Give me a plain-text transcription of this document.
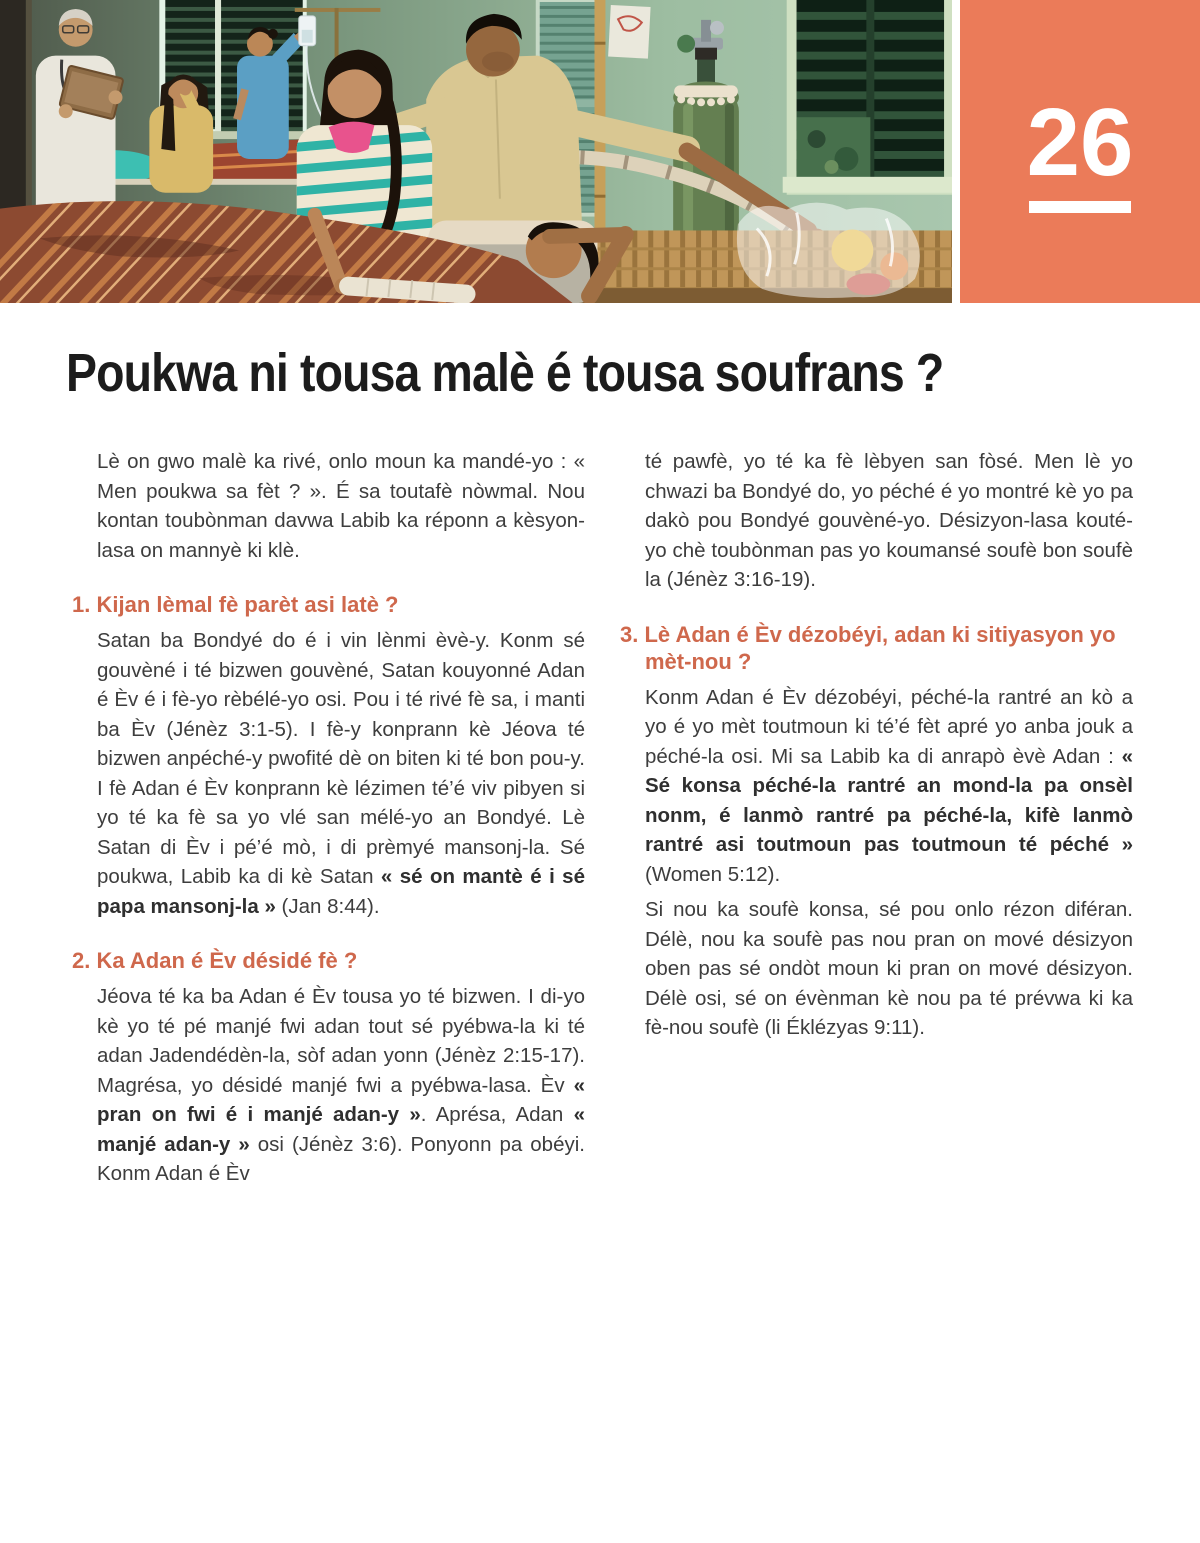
26
Poukwa ni tousa malè é tousa soufrans ?

Lè on gwo malè ka rivé, onlo moun ka mandé-yo : « Men poukwa sa fèt ? ». É sa toutafè nòwmal. Nou kontan toubònman davwa Labib ka réponn a kèsyon-lasa on mannyè ki klè.

1. Kijan lèmal fè parèt asi latè ?

Satan ba Bondyé do é i vin lènmi èvè-y. Konm sé gouvèné i té bizwen gouvèné, Satan kouyonné Adan é Èv é i fè-yo rèbélé-yo osi. Pou i té rivé fè sa, i manti ba Èv (Jénèz 3:1-5). I fè-y konprann kè Jéova té bizwen anpéché-y pwofité dè on biten ki té bon pou-y. I fè Adan é Èv konprann kè lézimen té’é viv pibyen si yo té ka fè sa yo vlé san mélé-yo an Bondyé. Lè Satan di Èv i pé’é mò, i di prèmyé mansonj-la. Sé poukwa, Labib ka di kè Satan « sé on mantè é i sé papa mansonj-la » (Jan 8:44).

2. Ka Adan é Èv désidé fè ?

Jéova té ka ba Adan é Èv tousa yo té bizwen. I di-yo kè yo té pé manjé fwi adan tout sé pyébwa-la ki té adan Jadendédèn-la, sòf adan yonn (Jénèz 2:15-17). Magrésa, yo désidé manjé fwi a pyébwa-lasa. Èv « pran on fwi é i manjé adan-y ». Aprésa, Adan « manjé adan-y » osi (Jénèz 3:6). Ponyonn pa obéyi. Konm Adan é Èv

té pawfè, yo té ka fè lèbyen san fòsé. Men lè yo chwazi ba Bondyé do, yo péché é yo montré kè yo pa dakò pou Bondyé gouvèné-yo. Désizyon-lasa kouté-yo chè toubònman pas yo koumansé soufè bon soufè la (Jénèz 3:16-19).

3. Lè Adan é Èv dézobéyi, adan ki sitiyasyon yo mèt-nou ?

Konm Adan é Èv dézobéyi, péché-la rantré an kò a yo é yo mèt toutmoun ki té’é fèt apré yo anba jouk a péché-la osi. Mi sa Labib ka di anrapò èvè Adan : « Sé konsa péché-la rantré an mond-la pa onsèl nonm, é lanmò rantré pa péché-la, kifè lanmò rantré asi toutmoun pas toutmoun té péché » (Women 5:12).

Si nou ka soufè konsa, sé pou onlo rézon diféran. Délè, nou ka soufè pas nou pran on mové désizyon oben pas sé ondòt moun ki pran on mové désizyon. Délè osi, sé on évènman kè nou pa té prévwa ki ka fè-nou soufè (li Éklézyas 9:11).
